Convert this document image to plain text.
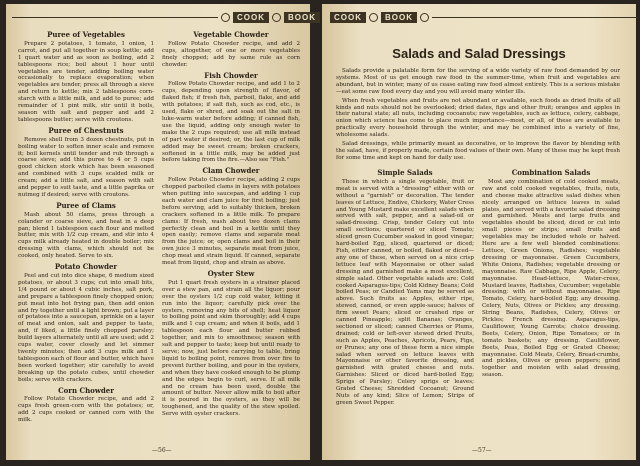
COOK	BOOK
Puree of Vegetables

Prepare 2 potatoes, 1 tomato, 1 onion, 1 carrot, and put all together in soup kettle; add 1 quart water and as soon as boiling, add 2 tablespoons rice; boil about 1 hour until vegetables are tender, adding boiling water occasionally to replace evaporation; when vegetables are tender, press all through a sieve and return to kettle; mix 2 tablespoons corn-starch with a little milk, and add to puree; add remainder of 1 pint milk, stir until it boils, season with salt and pepper and add 2 tablespoons butter; serve with croutons.

Puree of Chestnuts

Remove shell from 3 dozen chestnuts, put in boiling water to soften inner scale and remove it; boil kernels until tender and rub through a coarse sieve; add this puree to 4 or 5 cups good chicken stock which has been seasoned and combined with 3 cups scalded milk or cream; add a little salt, and season with salt and pepper to suit taste, and a little paprika or nutmeg if desired; serve with croutons.

Puree of Clams

Mash about 50 clams, press through a colander or coarse sieve, and heat in a deep pan; blend 1 tablespoon each flour and melted butter, mix with 1/2 cup cream, and stir into 4 cups milk already heated in double boiler; mix dressing with clams, which should not be cooked, only heated. Serve to six.

Potato Chowder

Peel and cut into dice shape, 6 medium sized potatoes, or about 3 cups; cut into small bits, 1/4 pound or about 4 cubic inches, salt pork, and prepare a tablespoon finely chopped onion; put meat into hot frying pan, then add onion and fry together until a light brown; put a layer of potatoes into a saucepan, sprinkle on a layer of meat and onion, salt and pepper to taste, and, if liked, a little finely chopped parsley; build layers alternately until all are used; add 2 cups water, cover closely and let simmer twenty minutes; then add 3 cups milk and 1 tablespoon each of flour and butter, which have been worked together; stir carefully to avoid breaking up the potato cubes, until chowder boils; serve with crackers.

Corn Chowder

Follow Potato Chowder recipe, and add 2 cups fresh green-corn with the potatoes; or, add 2 cups cooked or canned corn with the milk.

Vegetable Chowder

Follow Potato Chowder recipe, and add 2 cups, altogether, of one or more vegetables finely chopped; add by same rule as corn chowder.

Fish Chowder

Follow Potato Chowder recipe, and add 1 to 2 cups, depending upon strength of flavor, of flaked fish; if fresh fish, parboil, flake, and add with potatoes; if salt fish, such as cod, etc., is used, flake or shred, and soak out the salt in luke-warm water before adding; if canned fish, use the liquid, adding only enough water to make the 2 cups required; use all milk instead of part water if desired; or, the last cup of milk added may be sweet cream; broken crackers, softened in a little milk, may be added just before taking from the fire.—Also see "Fish."

Clam Chowder

Follow Potato Chowder recipe, adding 2 cups chopped parboiled clams in layers with potatoes when putting into saucepan, and adding 1 cup each water and clam juice for first boiling; just before serving, add to suitably thicken, broken crackers softened in a little milk. To prepare clams: If fresh, wash about two dozen clams perfectly clean and boil in a kettle until they open easily; remove clams and separate meat from the juice; or, open clams and boil in their own juice 3 minutes, separate meat from juice, chop meat and strain liquid. If canned, separate meat from liquid, chop and strain as above.

Oyster Stew

Put 1 quart fresh oysters in a strainer placed over a stew pan, and strain all the liquor; pour over the oysters 1/2 cup cold water, letting it run into the liquor; carefully pick over the oysters, removing any bits of shell; heat liquor to boiling point and skim thoroughly; add 4 cups milk and 1 cup cream; and when it boils, add 1 tablespoon each flour and butter rubbed together, and mix to smoothness; season with salt and pepper to taste; keep but until ready to serve; now, just before carrying to table, bring liquid to boiling point, remove from over fire to prevent further boiling, and pour in the oysters, and when they have cooked enough to be plump and the edges begin to curl, serve. If all milk and no cream has been used, double the amount of butter. Never allow milk to boil after it is poured in the oysters, as they will be toughened, and the quality of the stew spoiled. Serve with oyster crackers.

—56—
COOK	BOOK
Salads and Salad Dressings

Salads provide a palatable form for the serving of a wide variety of raw food demanded by our systems. Most of us get enough raw food in the summer-time, when fruit and vegetables are abundant, but in winter, many of us cease eating raw food almost entirely. This is a serious mistake—eat some raw food every day and you will avoid many winter ills.

When fresh vegetables and fruits are not abundant or available, such foods as dried fruits of all kinds and nuts should not be overlooked; dried dates, figs and other fruit; oranges and apples in their natural state; all nuts, including cocoanuts; raw vegetables, such as lettuce, celery, cabbage, onion which science has come to place much importance—most, or all, of these are available to practically every household through the winter, and may be combined into a variety of fine, wholesome salads.

Salad dressings, while primarily meant as decorative, or to improve the flavor by blending with the salad, have, if properly made, certain food values of their own. Many of these may be kept fresh for some time and kept on hand for daily use.

Simple Salads

Those in which a single vegetable, fruit or meat is served with a "dressing" either with or without a "garnish" or decoration. The tender leaves of Lettuce, Endive, Chickory, Water Cress and Young Mustard make excellent salads when served with salt, pepper, and a salad-oil or salad-dressing. Crisp, tender Celery cut into small sections; quartered or sliced Tomato; sliced green Cucumber soaked in good vinegar; hard-boiled Egg, sliced, quartered or diced; Fish, either canned, or boiled, flaked or diced—any one of these, when served on a nice crisp lettuce leaf with Mayonnaise or other salad dressing and garnished make a most excellent, simple salad. Other vegetable salads are: Cold cooked Asparagus-tips; Cold Kidney Beans; Cold boiled Peas; or Candied Yams may be served as above. Such fruits as: Apples, either ripe, stewed, canned, or even apple-sauce; halves of firm sweet Pears; sliced or crushed ripe or canned Pineapple; split Bananas; Oranges, sectioned or sliced; canned Cherries or Plums, drained; cold or left-over stewed dried Fruits, such as Apples, Peaches, Apricots, Pears, Figs, or Prunes; any one of these form a nice simple salad when served on lettuce leaves with Mayonnaise or other favorite dressing, and garnished with grated cheese and nuts. Garnishes: Sliced or diced hard-boiled Egg; Sprigs of Parsley; Celery sprigs or leaves; Grated Cheese; Shredded Cocoanut; Ground Nuts of any kind; Slice of Lemon; Strips of green Sweet Pepper.

Combination Salads

Most any combination of cold cooked meats, raw and cold cooked vegetables, fruits, nuts, and cheese make attractive salad dishes when nicely arranged on lettuce leaves in salad plates, and served with a favorite salad dressing and garnished. Meats and large fruits and vegetables should be sliced, diced or cut into small pieces or strips; small fruits and vegetables may be included whole or halved. Here are a few well blended combinations: Lettuce, Green Onions, Radishes; vegetable dressing or mayonnaise. Green Cucumbers, White Onions, Radishes; vegetable dressing or mayonnaise. Raw Cabbage, Ripe Apple, Celery; mayonnaise. Head-lettuce, Water-cress, Mustard leaves, Radishes, Cucumber; vegetable dressing; with or without mayonnaise. Ripe Tomato, Celery, hard-boiled Egg; any dressing. Celery, Nuts, Olives or Pickles; any dressing. String Beans, Radishes, Celery, Olives or Pickles; French dressing. Asparagus-tips, Cauliflower, Young Carrots; choice dressing. Beets, Celery, Onion, Ripe Tomatoes; or in tomato baskets; any dressing. Cauliflower, Beets, Peas, Boiled Egg or Grated Cheese; mayonnaise. Cold Meats, Celery, Bread-crumbs, and pickles, Olives or green peppers; grind together and moisten with salad dressing, season.

—57—
